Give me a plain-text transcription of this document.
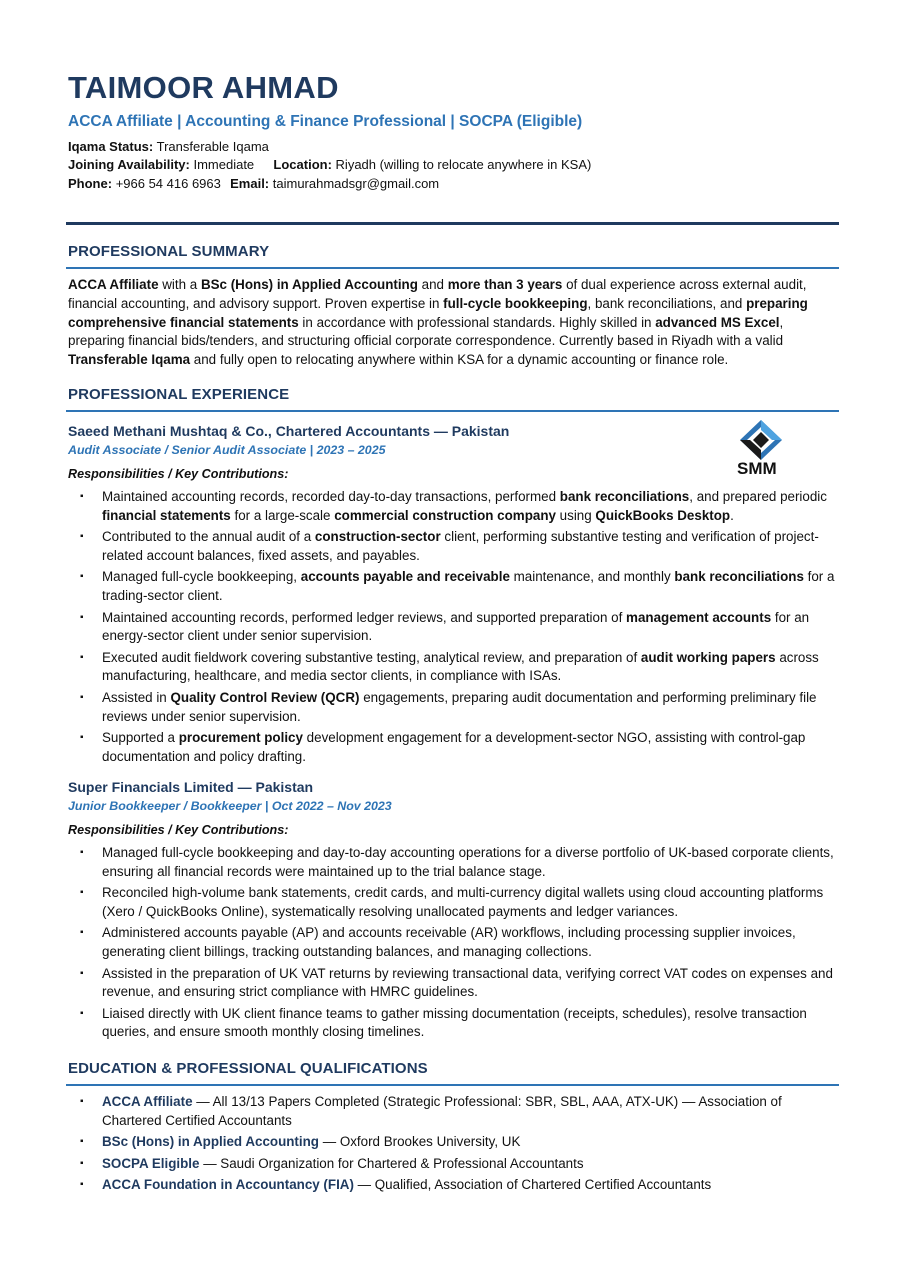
TAIMOOR AHMAD

ACCA Affiliate | Accounting & Finance Professional | SOCPA (Eligible)

Iqama Status: Transferable Iqama
Joining Availability: Immediate Location: Riyadh (willing to relocate anywhere in KSA)
Phone: +966 54 416 6963 Email: taimurahmadsgr@gmail.com
PROFESSIONAL SUMMARY

ACCA Affiliate with a BSc (Hons) in Applied Accounting and more than 3 years of dual experience across external audit, financial accounting, and advisory support. Proven expertise in full-cycle bookkeeping, bank reconciliations, and preparing comprehensive financial statements in accordance with professional standards. Highly skilled in advanced MS Excel, preparing financial bids/tenders, and structuring official corporate correspondence. Currently based in Riyadh with a valid Transferable Iqama and fully open to relocating anywhere within KSA for a dynamic accounting or finance role.

PROFESSIONAL EXPERIENCE
Saeed Methani Mushtaq & Co., Chartered Accountants — Pakistan

Audit Associate / Senior Audit Associate | 2023 – 2025

Responsibilities / Key Contributions:	SMM
▪ Maintained accounting records, recorded day-to-day transactions, performed bank reconciliations, and prepared periodic financial statements for a large-scale commercial construction company using QuickBooks Desktop.
▪ Contributed to the annual audit of a construction-sector client, performing substantive testing and verification of project-related account balances, fixed assets, and payables.
▪ Managed full-cycle bookkeeping, accounts payable and receivable maintenance, and monthly bank reconciliations for a trading-sector client.
▪ Maintained accounting records, performed ledger reviews, and supported preparation of management accounts for an energy-sector client under senior supervision.
▪ Executed audit fieldwork covering substantive testing, analytical review, and preparation of audit working papers across manufacturing, healthcare, and media sector clients, in compliance with ISAs.
▪ Assisted in Quality Control Review (QCR) engagements, preparing audit documentation and performing preliminary file reviews under senior supervision.
▪ Supported a procurement policy development engagement for a development-sector NGO, assisting with control-gap documentation and policy drafting.
Super Financials Limited — Pakistan

Junior Bookkeeper / Bookkeeper | Oct 2022 – Nov 2023

Responsibilities / Key Contributions:

▪ Managed full-cycle bookkeeping and day-to-day accounting operations for a diverse portfolio of UK-based corporate clients, ensuring all financial records were maintained up to the trial balance stage.
▪ Reconciled high-volume bank statements, credit cards, and multi-currency digital wallets using cloud accounting platforms (Xero / QuickBooks Online), systematically resolving unallocated payments and ledger variances.
▪ Administered accounts payable (AP) and accounts receivable (AR) workflows, including processing supplier invoices, generating client billings, tracking outstanding balances, and managing collections.
▪ Assisted in the preparation of UK VAT returns by reviewing transactional data, verifying correct VAT codes on expenses and revenue, and ensuring strict compliance with HMRC guidelines.
▪ Liaised directly with UK client finance teams to gather missing documentation (receipts, schedules), resolve transaction queries, and ensure smooth monthly closing timelines.
EDUCATION & PROFESSIONAL QUALIFICATIONS
▪ ACCA Affiliate — All 13/13 Papers Completed (Strategic Professional: SBR, SBL, AAA, ATX-UK) — Association of Chartered Certified Accountants
▪ BSc (Hons) in Applied Accounting — Oxford Brookes University, UK
▪ SOCPA Eligible — Saudi Organization for Chartered & Professional Accountants
▪ ACCA Foundation in Accountancy (FIA) — Qualified, Association of Chartered Certified Accountants
